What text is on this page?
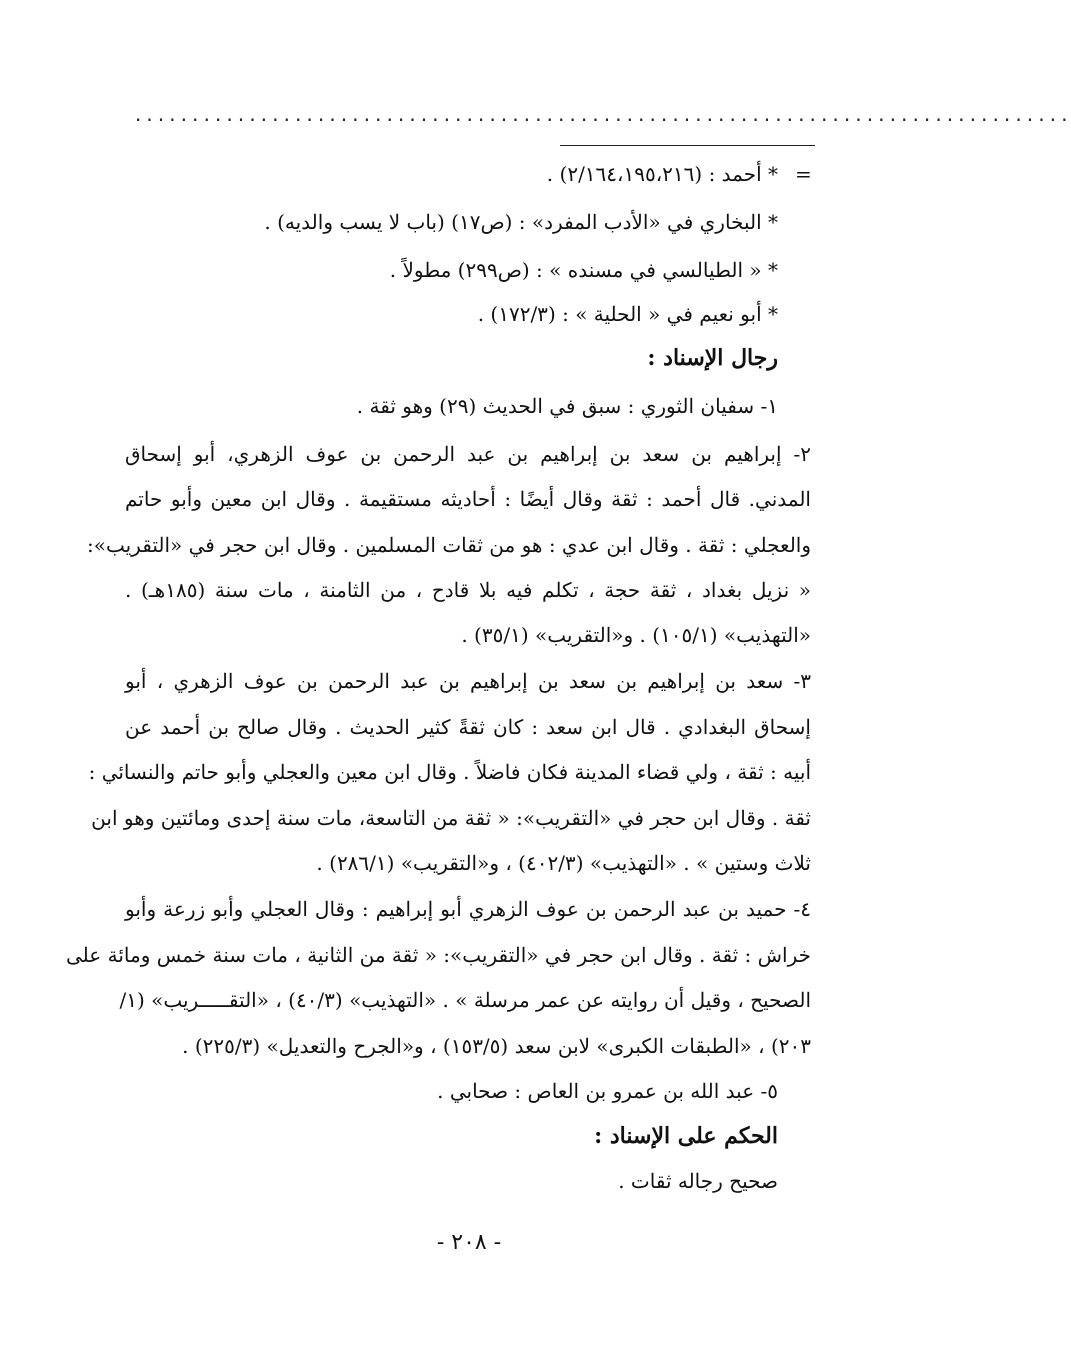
..................................................................................
=
* أحمد : (٢/١٦٤،١٩٥،٢١٦) .
* البخاري في «الأدب المفرد» : (ص١٧) (باب لا يسب والديه) .
* « الطيالسي في مسنده » : (ص٢٩٩) مطولاً .
* أبو نعيم في « الحلية » : (١٧٢/٣) .
رجال الإسناد :
١- سفيان الثوري : سبق في الحديث (٢٩) وهو ثقة .
٢- إبراهيم بن سعد بن إبراهيم بن عبد الرحمن بن عوف الزهري، أبو إسحاق
المدني. قال أحمد : ثقة وقال أيضًا : أحاديثه مستقيمة . وقال ابن معين وأبو حاتم
والعجلي : ثقة . وقال ابن عدي : هو من ثقات المسلمين . وقال ابن حجر في «التقريب»:
« نزيل بغداد ، ثقة حجة ، تكلم فيه بلا قادح ، من الثامنة ، مات سنة (١٨٥هـ) .
«التهذيب» (١٠٥/١) . و«التقريب» (٣٥/١) .
٣- سعد بن إبراهيم بن سعد بن إبراهيم بن عبد الرحمن بن عوف الزهري ، أبو
إسحاق البغدادي . قال ابن سعد : كان ثقةً كثير الحديث . وقال صالح بن أحمد عن
أبيه : ثقة ، ولي قضاء المدينة فكان فاضلاً . وقال ابن معين والعجلي وأبو حاتم والنسائي :
ثقة . وقال ابن حجر في «التقريب»: « ثقة من التاسعة، مات سنة إحدى ومائتين وهو ابن
ثلاث وستين » . «التهذيب» (٤٠٢/٣) ، و«التقريب» (٢٨٦/١) .
٤- حميد بن عبد الرحمن بن عوف الزهري أبو إبراهيم : وقال العجلي وأبو زرعة وأبو
خراش : ثقة . وقال ابن حجر في «التقريب»: « ثقة من الثانية ، مات سنة خمس ومائة على
الصحيح ، وقيل أن روايته عن عمر مرسلة » . «التهذيب» (٤٠/٣) ، «التقـــــريب» (١/
٢٠٣) ، «الطبقات الكبرى» لابن سعد (١٥٣/٥) ، و«الجرح والتعديل» (٢٢٥/٣) .
٥- عبد الله بن عمرو بن العاص : صحابي .
الحكم على الإسناد :
صحيح رجاله ثقات .
- ٢٠٨ -
